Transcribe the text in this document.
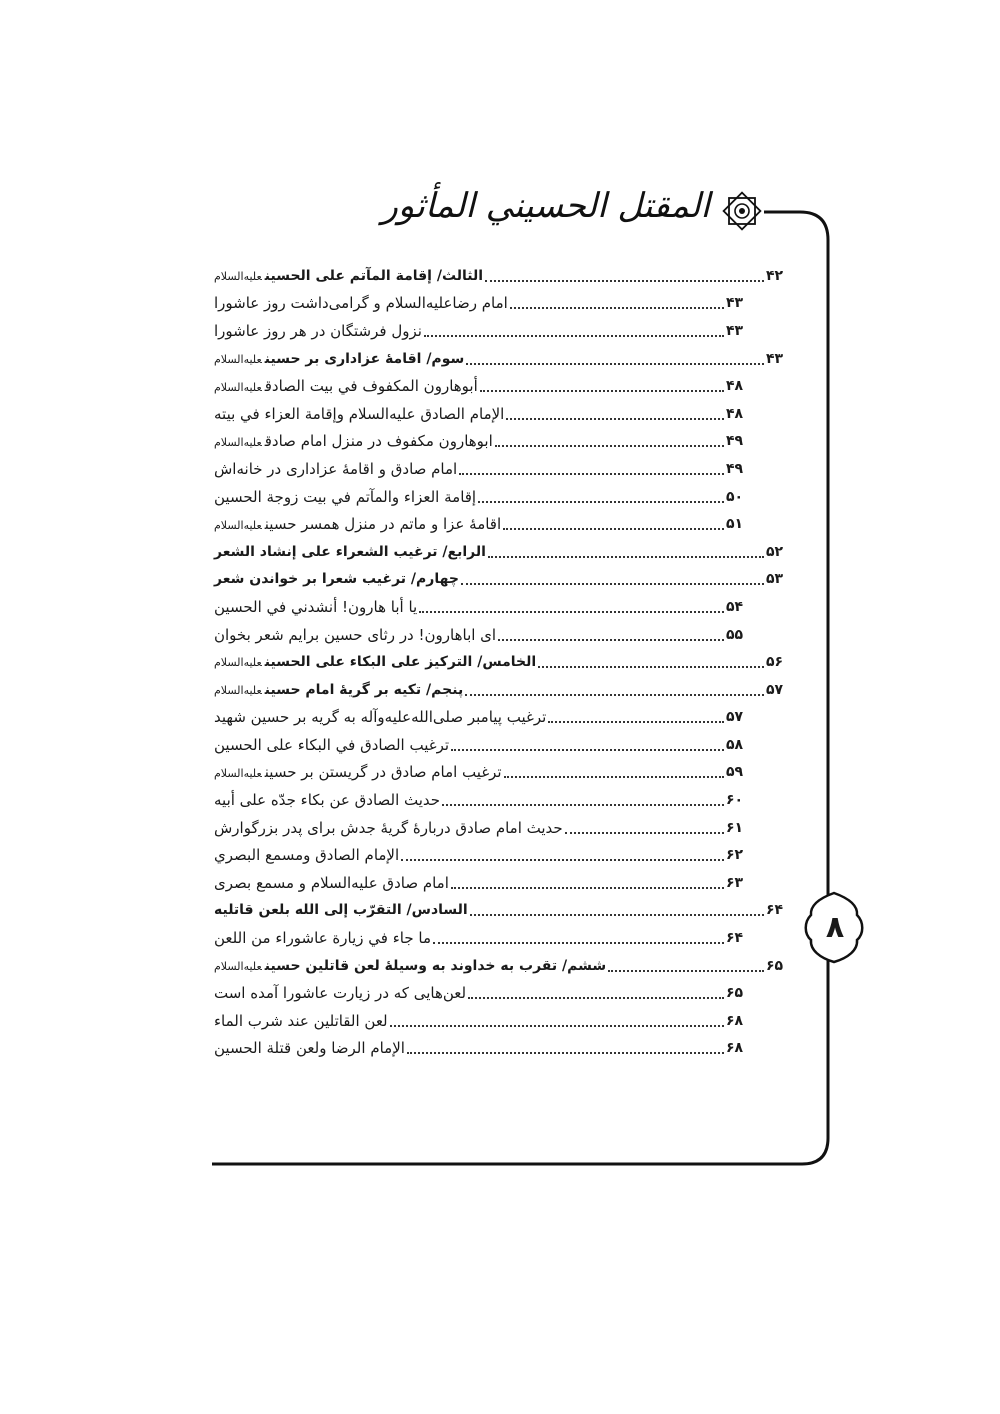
المقتل الحسيني المأثور
۸
الثالث/ إقامة المآتم على الحسينعليه‌السلام	۴۲
امام رضاعليه‌السلام و گرامی‌داشت روز عاشورا	۴۳
نزول فرشتگان در هر روز عاشورا	۴۳
سوم/ اقامهٔ عزاداری بر حسینعليه‌السلام	۴۳
أبوهارون المكفوف في بيت الصادقعليه‌السلام	۴۸
الإمام الصادق عليه‌السلام وإقامة العزاء في بيته	۴۸
ابوهارون مكفوف در منزل امام صادقعليه‌السلام	۴۹
امام صادق و اقامهٔ عزاداری در خانه‌اش	۴۹
إقامة العزاء والمآتم في بيت زوجة الحسين	۵۰
اقامهٔ عزا و ماتم در منزل همسر حسينعليه‌السلام	۵۱
الرابع/ ترغيب الشعراء على إنشاد الشعر	۵۲
چهارم/ ترغيب شعرا بر خواندن شعر	۵۳
يا أبا هارون! أنشدني في الحسين	۵۴
ای اباهارون! در رثای حسين برايم شعر بخوان	۵۵
الخامس/ التركيز على البكاء على الحسينعليه‌السلام	۵۶
پنجم/ تكيه بر گريهٔ امام حسينعليه‌السلام	۵۷
ترغيب پيامبر صلی‌الله‌عليه‌وآله به گريه بر حسين شهيد	۵۷
ترغيب الصادق في البكاء على الحسين	۵۸
ترغيب امام صادق در گريستن بر حسينعليه‌السلام	۵۹
حديث الصادق عن بكاء جدّه على أبيه	۶۰
حديث امام صادق دربارهٔ گريهٔ جدش برای پدر بزرگوارش	۶۱
الإمام الصادق ومسمع البصري	۶۲
امام صادق عليه‌السلام و مسمع بصری	۶۳
السادس/ التقرّب إلى الله بلعن قاتليه	۶۴
ما جاء في زيارة عاشوراء من اللعن	۶۴
ششم/ تقرب به خداوند به وسيلهٔ لعن قاتلين حسينعليه‌السلام	۶۵
لعن‌هايی كه در زيارت عاشورا آمده است	۶۵
لعن القاتلين عند شرب الماء	۶۸
الإمام الرضا ولعن قتلة الحسين	۶۸
